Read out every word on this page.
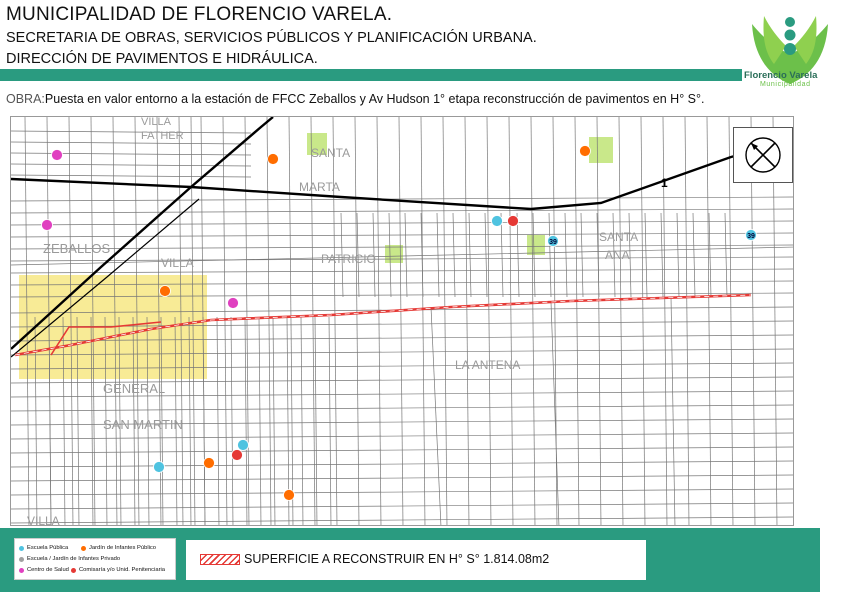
MUNICIPALIDAD DE FLORENCIO VARELA.
SECRETARIA DE OBRAS, SERVICIOS PÚBLICOS Y PLANIFICACIÓN URBANA.
DIRECCIÓN DE PAVIMENTOS E HIDRÁULICA.
Florencio Varela
Municipalidad
OBRA:Puesta en valor entorno a la estación de FFCC Zeballos y Av Hudson 1° etapa reconstrucción de pavimentos en H° S°.
VILLA
FATHER
SANTA
MARTA
ZEBALLOS
VILLA	PATRICIO
SANTA
ANA
LA ANTENA
GENERAL
SAN MARTIN
VILLA
1
39
39
Escuela Pública	Jardín de Infantes Público
Escuela / Jardín de Infantes Privado
Centro de Salud Comisaría y/o Unid. Penitenciaria
SUPERFICIE A RECONSTRUIR EN H° S° 1.814.08m2
